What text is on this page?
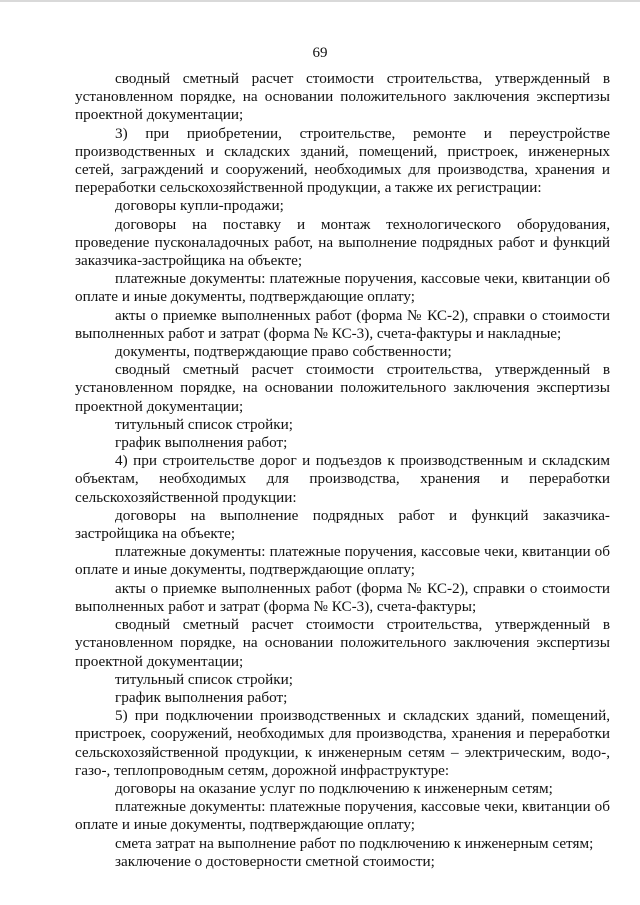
69

сводный сметный расчет стоимости строительства, утвержденный в установленном порядке, на основании положительного заключения экспертизы проектной документации;

3) при приобретении, строительстве, ремонте и переустройстве производственных и складских зданий, помещений, пристроек, инженерных сетей, заграждений и сооружений, необходимых для производства, хранения и переработки сельскохозяйственной продукции, а также их регистрации:

договоры купли-продажи;

договоры на поставку и монтаж технологического оборудования, проведение пусконаладочных работ, на выполнение подрядных работ и функций заказчика-застройщика на объекте;

платежные документы: платежные поручения, кассовые чеки, квитанции об оплате и иные документы, подтверждающие оплату;

акты о приемке выполненных работ (форма № КС-2), справки о стоимости выполненных работ и затрат (форма № КС-3), счета-фактуры и накладные;

документы, подтверждающие право собственности;

сводный сметный расчет стоимости строительства, утвержденный в установленном порядке, на основании положительного заключения экспертизы проектной документации;

титульный список стройки;

график выполнения работ;

4) при строительстве дорог и подъездов к производственным и складским объектам, необходимых для производства, хранения и переработки сельскохозяйственной продукции:

договоры на выполнение подрядных работ и функций заказчика-застройщика на объекте;

платежные документы: платежные поручения, кассовые чеки, квитанции об оплате и иные документы, подтверждающие оплату;

акты о приемке выполненных работ (форма № КС-2), справки о стоимости выполненных работ и затрат (форма № КС-3), счета-фактуры;

сводный сметный расчет стоимости строительства, утвержденный в установленном порядке, на основании положительного заключения экспертизы проектной документации;

титульный список стройки;

график выполнения работ;

5) при подключении производственных и складских зданий, помещений, пристроек, сооружений, необходимых для производства, хранения и переработки сельскохозяйственной продукции, к инженерным сетям – электрическим, водо-, газо-, теплопроводным сетям, дорожной инфраструктуре:

договоры на оказание услуг по подключению к инженерным сетям;

платежные документы: платежные поручения, кассовые чеки, квитанции об оплате и иные документы, подтверждающие оплату;

смета затрат на выполнение работ по подключению к инженерным сетям;

заключение о достоверности сметной стоимости;
